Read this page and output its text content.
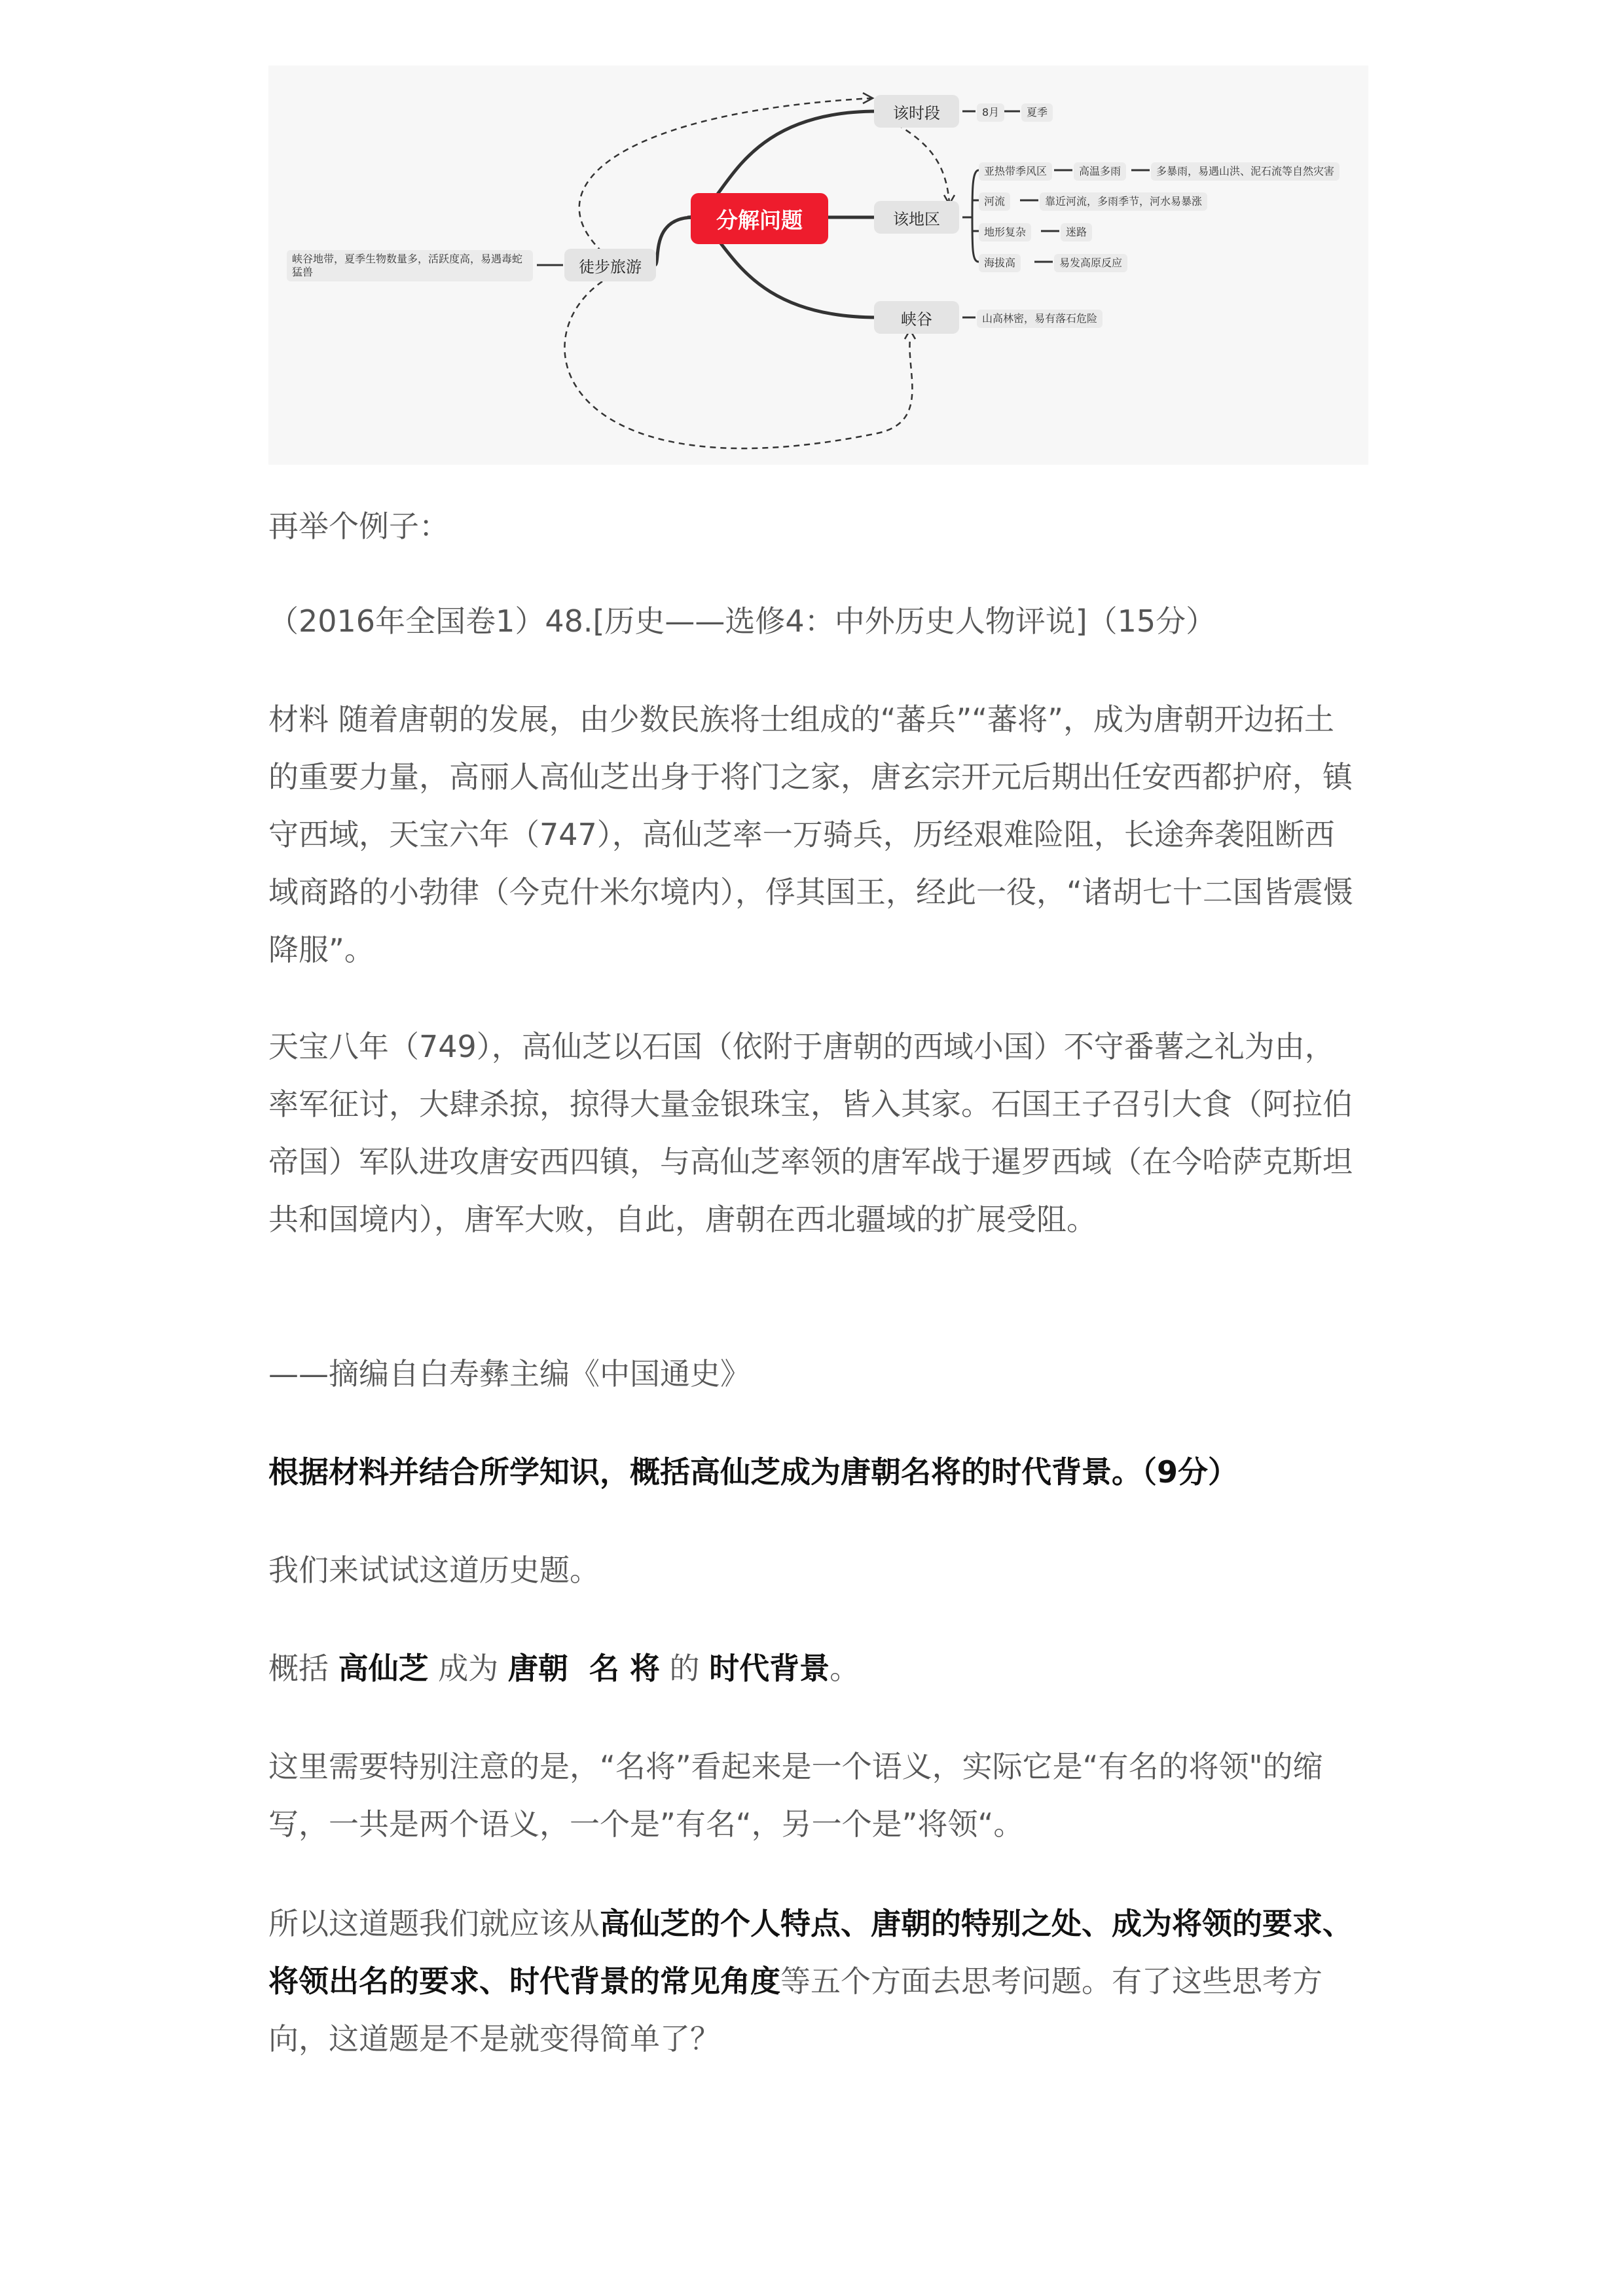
分解问题
徒步旅游
峡谷地带，夏季生物数量多，活跃度高，易遇毒蛇猛兽
该时段	8月	夏季
该地区
亚热带季风区	高温多雨	多暴雨，易遇山洪、泥石流等自然灾害
河流	靠近河流，多雨季节，河水易暴涨
地形复杂	迷路
海拔高	易发高原反应
峡谷	山高林密，易有落石危险

再举个例子：

（2016年全国卷1）48.[历史——选修4：中外历史人物评说]（15分）

材料 随着唐朝的发展，由少数民族将士组成的“蕃兵”“蕃将”，成为唐朝开边拓土的重要力量，高丽人高仙芝出身于将门之家，唐玄宗开元后期出任安西都护府，镇守西域，天宝六年（747），高仙芝率一万骑兵，历经艰难险阻，长途奔袭阻断西域商路的小勃律（今克什米尔境内），俘其国王，经此一役，“诸胡七十二国皆震慑降服”。

天宝八年（749），高仙芝以石国（依附于唐朝的西域小国）不守番薯之礼为由，率军征讨，大肆杀掠，掠得大量金银珠宝，皆入其家。石国王子召引大食（阿拉伯帝国）军队进攻唐安西四镇，与高仙芝率领的唐军战于暹罗西域（在今哈萨克斯坦共和国境内），唐军大败，自此，唐朝在西北疆域的扩展受阻。

——摘编自白寿彝主编《中国通史》

根据材料并结合所学知识，概括高仙芝成为唐朝名将的时代背景。（9分）

我们来试试这道历史题。

概括 高仙芝 成为 唐朝  名 将 的 时代背景。

这里需要特别注意的是，“名将”看起来是一个语义，实际它是“有名的将领"的缩写，一共是两个语义，一个是”有名“，另一个是”将领“。

所以这道题我们就应该从高仙芝的个人特点、唐朝的特别之处、成为将领的要求、将领出名的要求、时代背景的常见角度等五个方面去思考问题。有了这些思考方向，这道题是不是就变得简单了？
